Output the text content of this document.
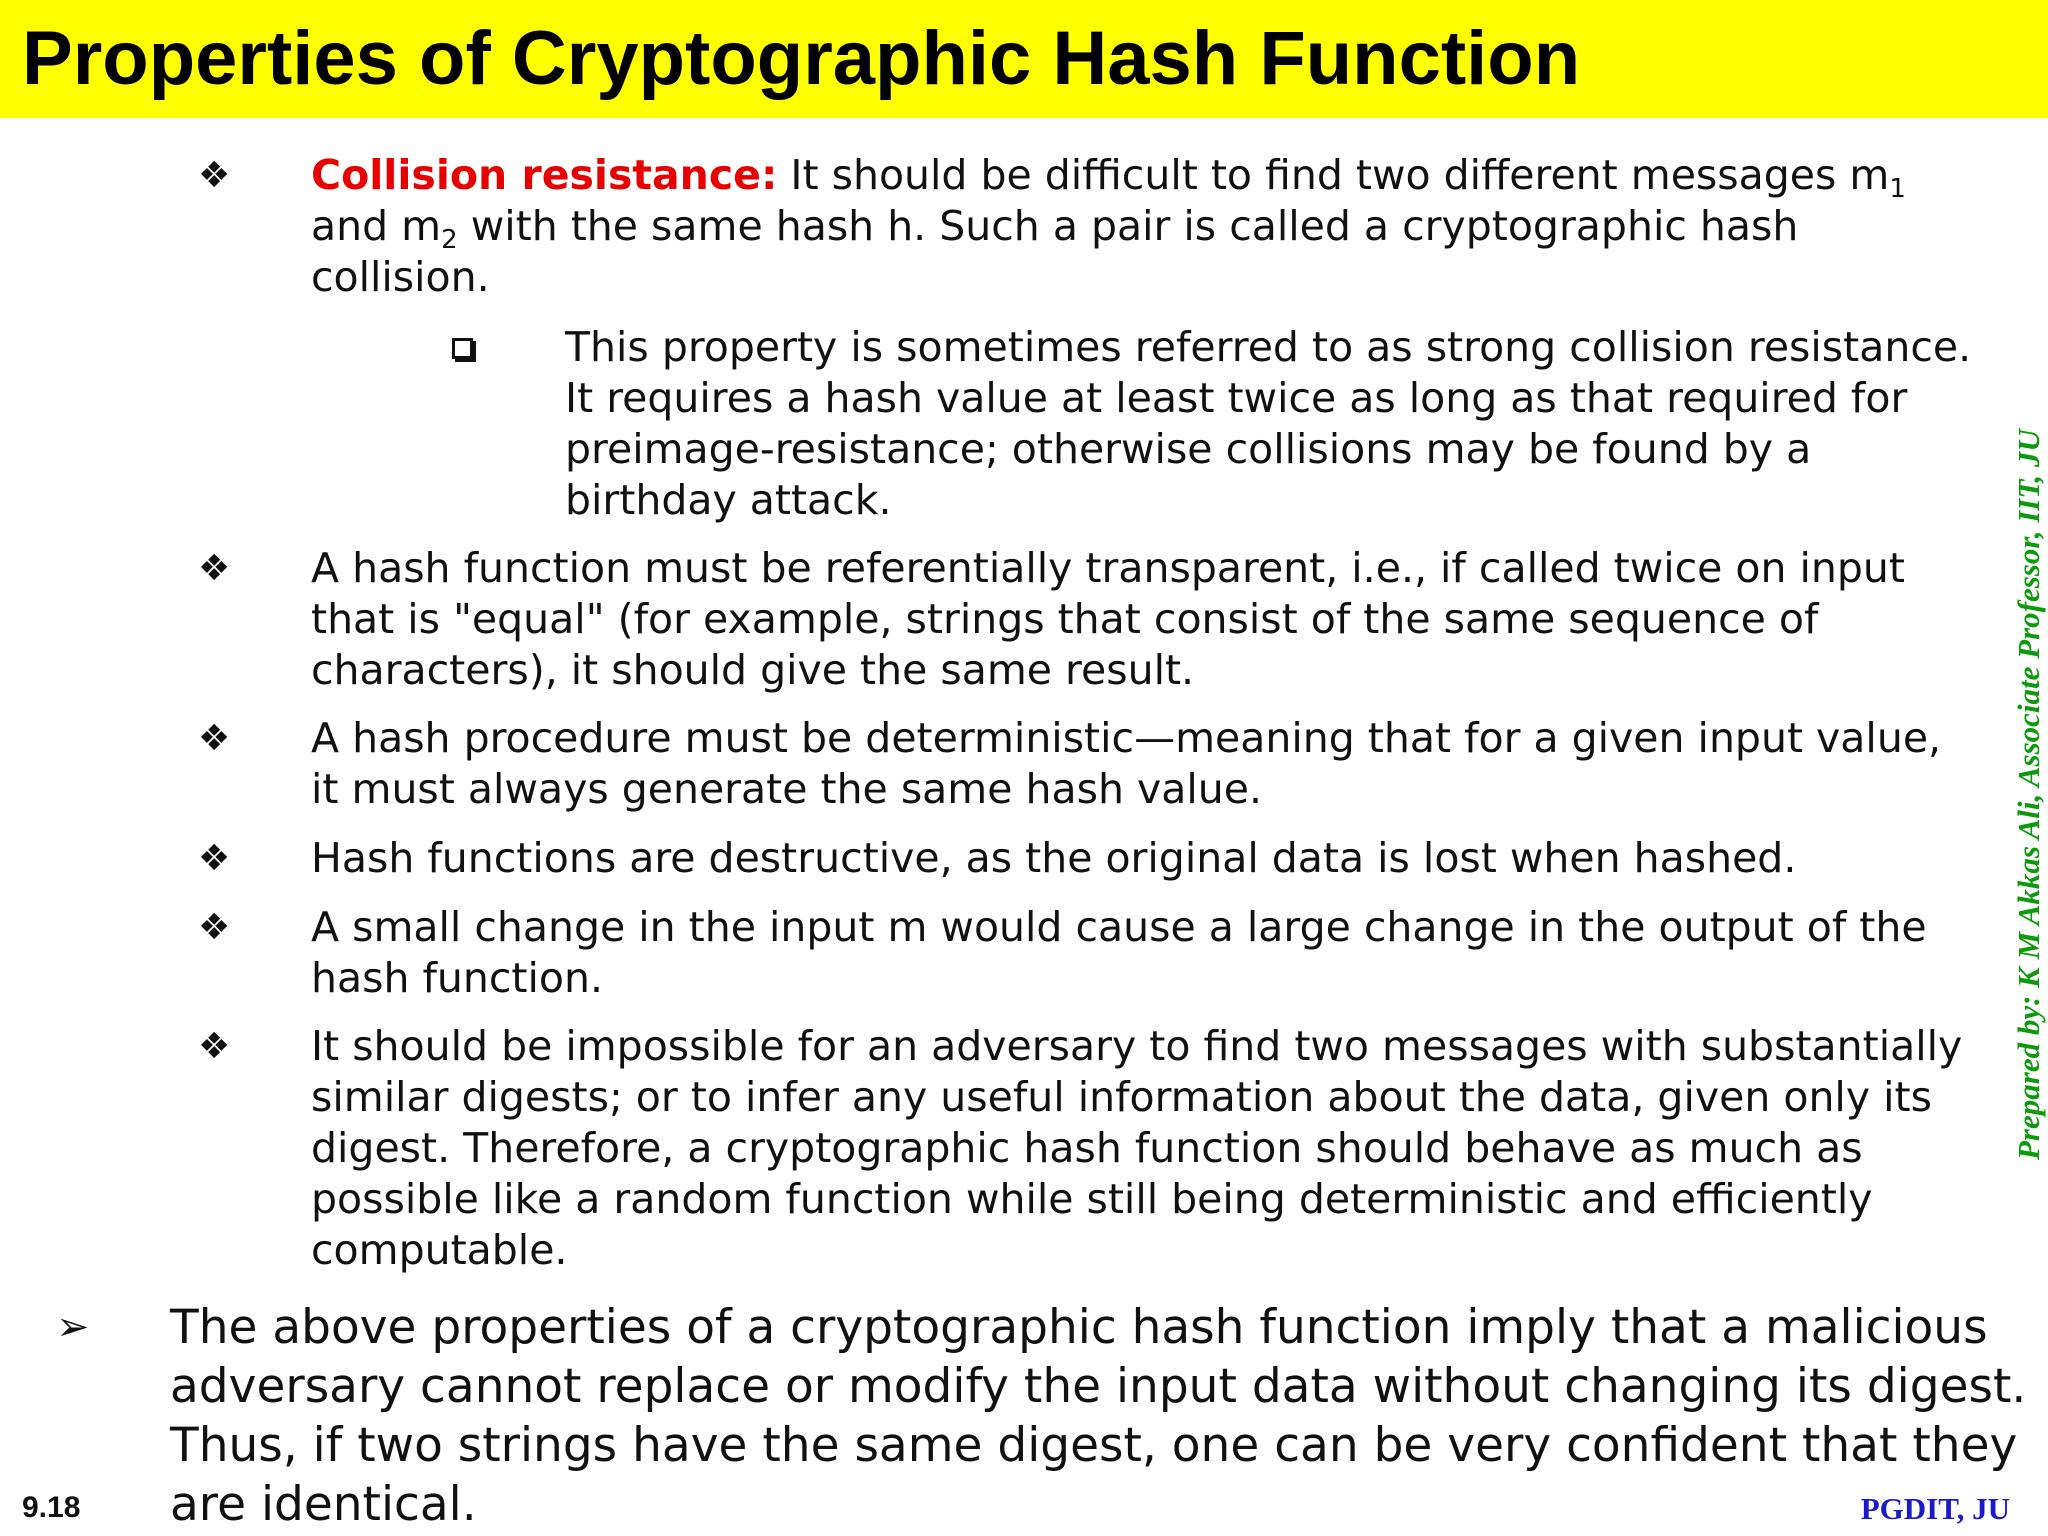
Properties of Cryptographic Hash Function
❖ Collision resistance: It should be difficult to find two different messages $m_1$ and $m_2$ with the same hash h. Such a pair is called a cryptographic hash collision.
This property is sometimes referred to as strong collision resistance. It requires a hash value at least twice as long as that required for preimage-resistance; otherwise collisions may be found by a birthday attack.
❖ A hash function must be referentially transparent, i.e., if called twice on input that is "equal" (for example, strings that consist of the same sequence of characters), it should give the same result.
❖ A hash procedure must be deterministic—meaning that for a given input value, it must always generate the same hash value.
❖ Hash functions are destructive, as the original data is lost when hashed.
❖ A small change in the input m would cause a large change in the output of the hash function.
❖ It should be impossible for an adversary to find two messages with substantially similar digests; or to infer any useful information about the data, given only its digest. Therefore, a cryptographic hash function should behave as much as possible like a random function while still being deterministic and efficiently computable.
➢ The above properties of a cryptographic hash function imply that a malicious adversary cannot replace or modify the input data without changing its digest. Thus, if two strings have the same digest, one can be very confident that they are identical.
9.18	PGDIT, JU
Prepared by: K M Akkas Ali, Associate Professor, IIT, JU
